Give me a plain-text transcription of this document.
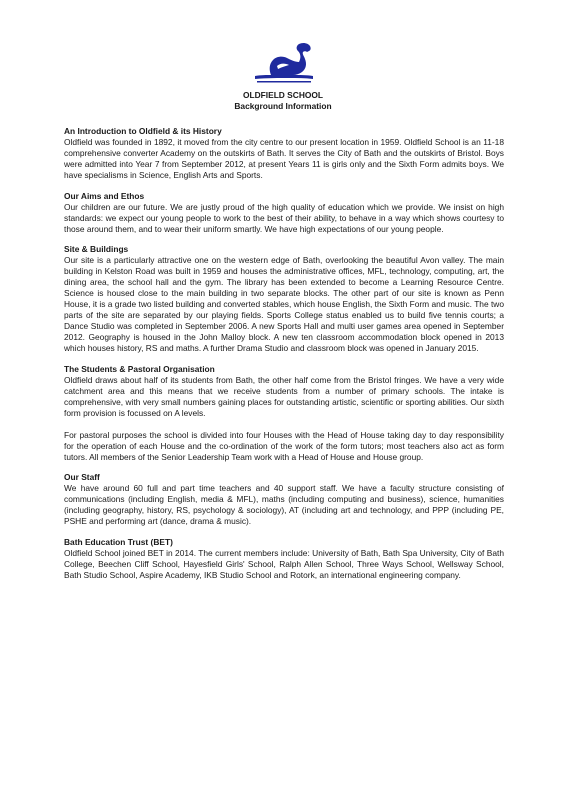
OLDFIELD SCHOOL
Background Information
An Introduction to Oldfield & its History

Oldfield was founded in 1892, it moved from the city centre to our present location in 1959. Oldfield School is an 11-18 comprehensive converter Academy on the outskirts of Bath. It serves the City of Bath and the outskirts of Bristol. Boys were admitted into Year 7 from September 2012, at present Years 11 is girls only and the Sixth Form admits boys. We have specialisms in Science, English Arts and Sports.

Our Aims and Ethos

Our children are our future. We are justly proud of the high quality of education which we provide. We insist on high standards: we expect our young people to work to the best of their ability, to behave in a way which shows courtesy to those around them, and to wear their uniform smartly. We have high expectations of our young people.

Site & Buildings

Our site is a particularly attractive one on the western edge of Bath, overlooking the beautiful Avon valley. The main building in Kelston Road was built in 1959 and houses the administrative offices, MFL, technology, computing, art, the dining area, the school hall and the gym. The library has been extended to become a Learning Resource Centre. Science is housed close to the main building in two separate blocks. The other part of our site is known as Penn House, it is a grade two listed building and converted stables, which house English, the Sixth Form and music. The two parts of the site are separated by our playing fields. Sports College status enabled us to build five tennis courts; a Dance Studio was completed in September 2006. A new Sports Hall and multi user games area opened in September 2012. Geography is housed in the John Malloy block. A new ten classroom accommodation block opened in 2013 which houses history, RS and maths. A further Drama Studio and classroom block was opened in January 2015.

The Students & Pastoral Organisation

Oldfield draws about half of its students from Bath, the other half come from the Bristol fringes. We have a very wide catchment area and this means that we receive students from a number of primary schools. The intake is comprehensive, with very small numbers gaining places for outstanding artistic, scientific or sporting abilities. Our sixth form provision is focussed on A levels.

For pastoral purposes the school is divided into four Houses with the Head of House taking day to day responsibility for the operation of each House and the co-ordination of the work of the form tutors; most teachers also act as form tutors. All members of the Senior Leadership Team work with a Head of House and House group.

Our Staff

We have around 60 full and part time teachers and 40 support staff. We have a faculty structure consisting of communications (including English, media & MFL), maths (including computing and business), science, humanities (including geography, history, RS, psychology & sociology), AT (including art and technology, and PPP (including PE, PSHE and performing art (dance, drama & music).

Bath Education Trust (BET)

Oldfield School joined BET in 2014. The current members include: University of Bath, Bath Spa University, City of Bath College, Beechen Cliff School, Hayesfield Girls' School, Ralph Allen School, Three Ways School, Wellsway School, Bath Studio School, Aspire Academy, IKB Studio School and Rotork, an international engineering company.
